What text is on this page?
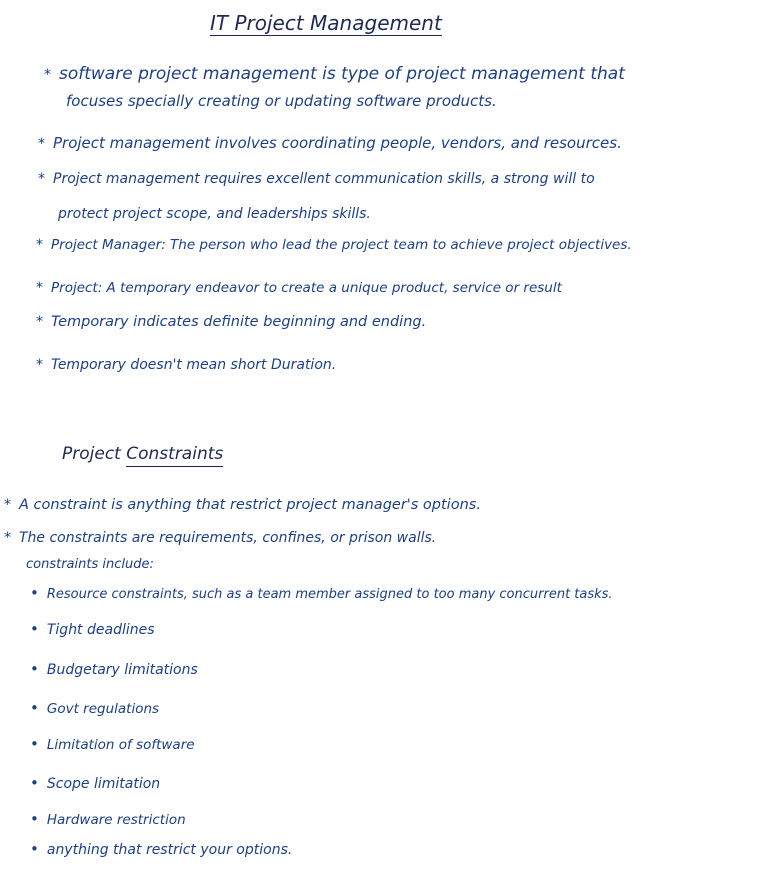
IT Project Management
* software project management is type of project management that
focuses specially creating or updating software products.
* Project management involves coordinating people, vendors, and resources.
* Project management requires excellent communication skills, a strong will to
protect project scope, and leaderships skills.
* Project Manager: The person who lead the project team to achieve project objectives.
* Project: A temporary endeavor to create a unique product, service or result
* Temporary indicates definite beginning and ending.
* Temporary doesn't mean short Duration.
Project Constraints
* A constraint is anything that restrict project manager's options.
* The constraints are requirements, confines, or prison walls.
constraints include:
• Resource constraints, such as a team member assigned to too many concurrent tasks.
• Tight deadlines
• Budgetary limitations
• Govt regulations
• Limitation of software
• Scope limitation
• Hardware restriction
• anything that restrict your options.
